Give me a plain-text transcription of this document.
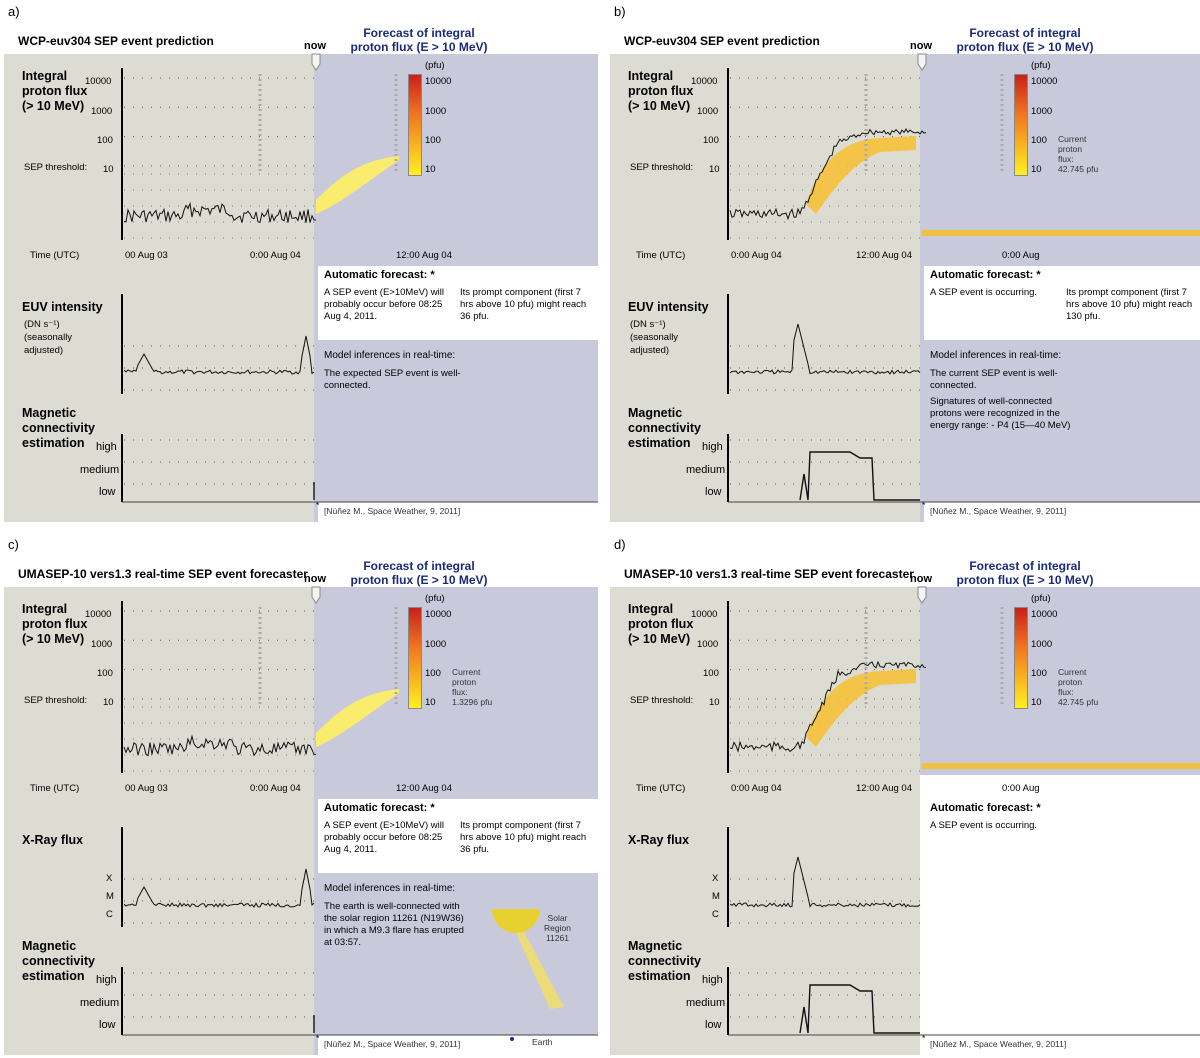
a)
WCP-euv304 SEP event prediction	now
Forecast of integral
proton flux (E > 10 MeV)
Integral
proton flux
(> 10 MeV)
10000
1000
100
SEP threshold: 10
Time (UTC)	00 Aug 03	0:00 Aug 04	12:00 Aug 04
(pfu)
10000
1000
100
10
Automatic forecast: *
A SEP event (E>10MeV) will probably occur before 08:25 Aug 4, 2011.
Its prompt component (first 7 hrs above 10 pfu) might reach 36 pfu.
EUV intensity
(DN s⁻¹)
(seasonally
adjusted)	Model inferences in real-time:
The expected SEP event is well-connected.
Magnetic
connectivity
estimation	high
medium
low
*
[Núñez M., Space Weather, 9, 2011]
b)
WCP-euv304 SEP event prediction	now
Forecast of integral
proton flux (E > 10 MeV)
Integral
proton flux
(> 10 MeV)
10000
1000
100
SEP threshold: 10
Time (UTC)	0:00 Aug 04	12:00 Aug 04	0:00 Aug
(pfu)
10000
1000
100
10
Current
proton
flux:
42.745 pfu
Automatic forecast: *
A SEP event is occurring.	Its prompt component (first 7 hrs above 10 pfu) might reach 130 pfu.
EUV intensity
(DN s⁻¹)
(seasonally
adjusted)	Model inferences in real-time:
The current SEP event is well-connected.
Signatures of well-connected protons were recognized in the energy range: - P4 (15—40 MeV)
Magnetic
connectivity
estimation	high
medium
low
*
[Núñez M., Space Weather, 9, 2011]
c)
UMASEP-10 vers1.3 real-time SEP event forecaster
now
Forecast of integral
proton flux (E > 10 MeV)
Integral
proton flux
(> 10 MeV)
10000
1000
100
SEP threshold: 10
Time (UTC)	00 Aug 03	0:00 Aug 04	12:00 Aug 04
(pfu)
10000
1000
100
10
Current
proton
flux:
1.3296 pfu
Automatic forecast: *
A SEP event (E>10MeV) will probably occur before 08:25 Aug 4, 2011.
Its prompt component (first 7 hrs above 10 pfu) might reach 36 pfu.
X-Ray flux
X
M
C
Model inferences in real-time:
The earth is well-connected with the solar region 11261 (N19W36) in which a M9.3 flare has erupted at 03:57.
Solar
Region
11261
Magnetic
connectivity
estimation	high
medium
low
*
[Núñez M., Space Weather, 9, 2011]	Earth
d)
UMASEP-10 vers1.3 real-time SEP event forecaster
now
Forecast of integral
proton flux (E > 10 MeV)
Integral
proton flux
(> 10 MeV)
10000
1000
100
SEP threshold: 10
Time (UTC)	0:00 Aug 04	12:00 Aug 04	0:00 Aug
(pfu)
10000
1000
100
10
Current
proton
flux:
42.745 pfu
Automatic forecast: *
A SEP event is occurring.
X-Ray flux
X
M
C
Magnetic
connectivity
estimation	high
medium
low
*
[Núñez M., Space Weather, 9, 2011]
